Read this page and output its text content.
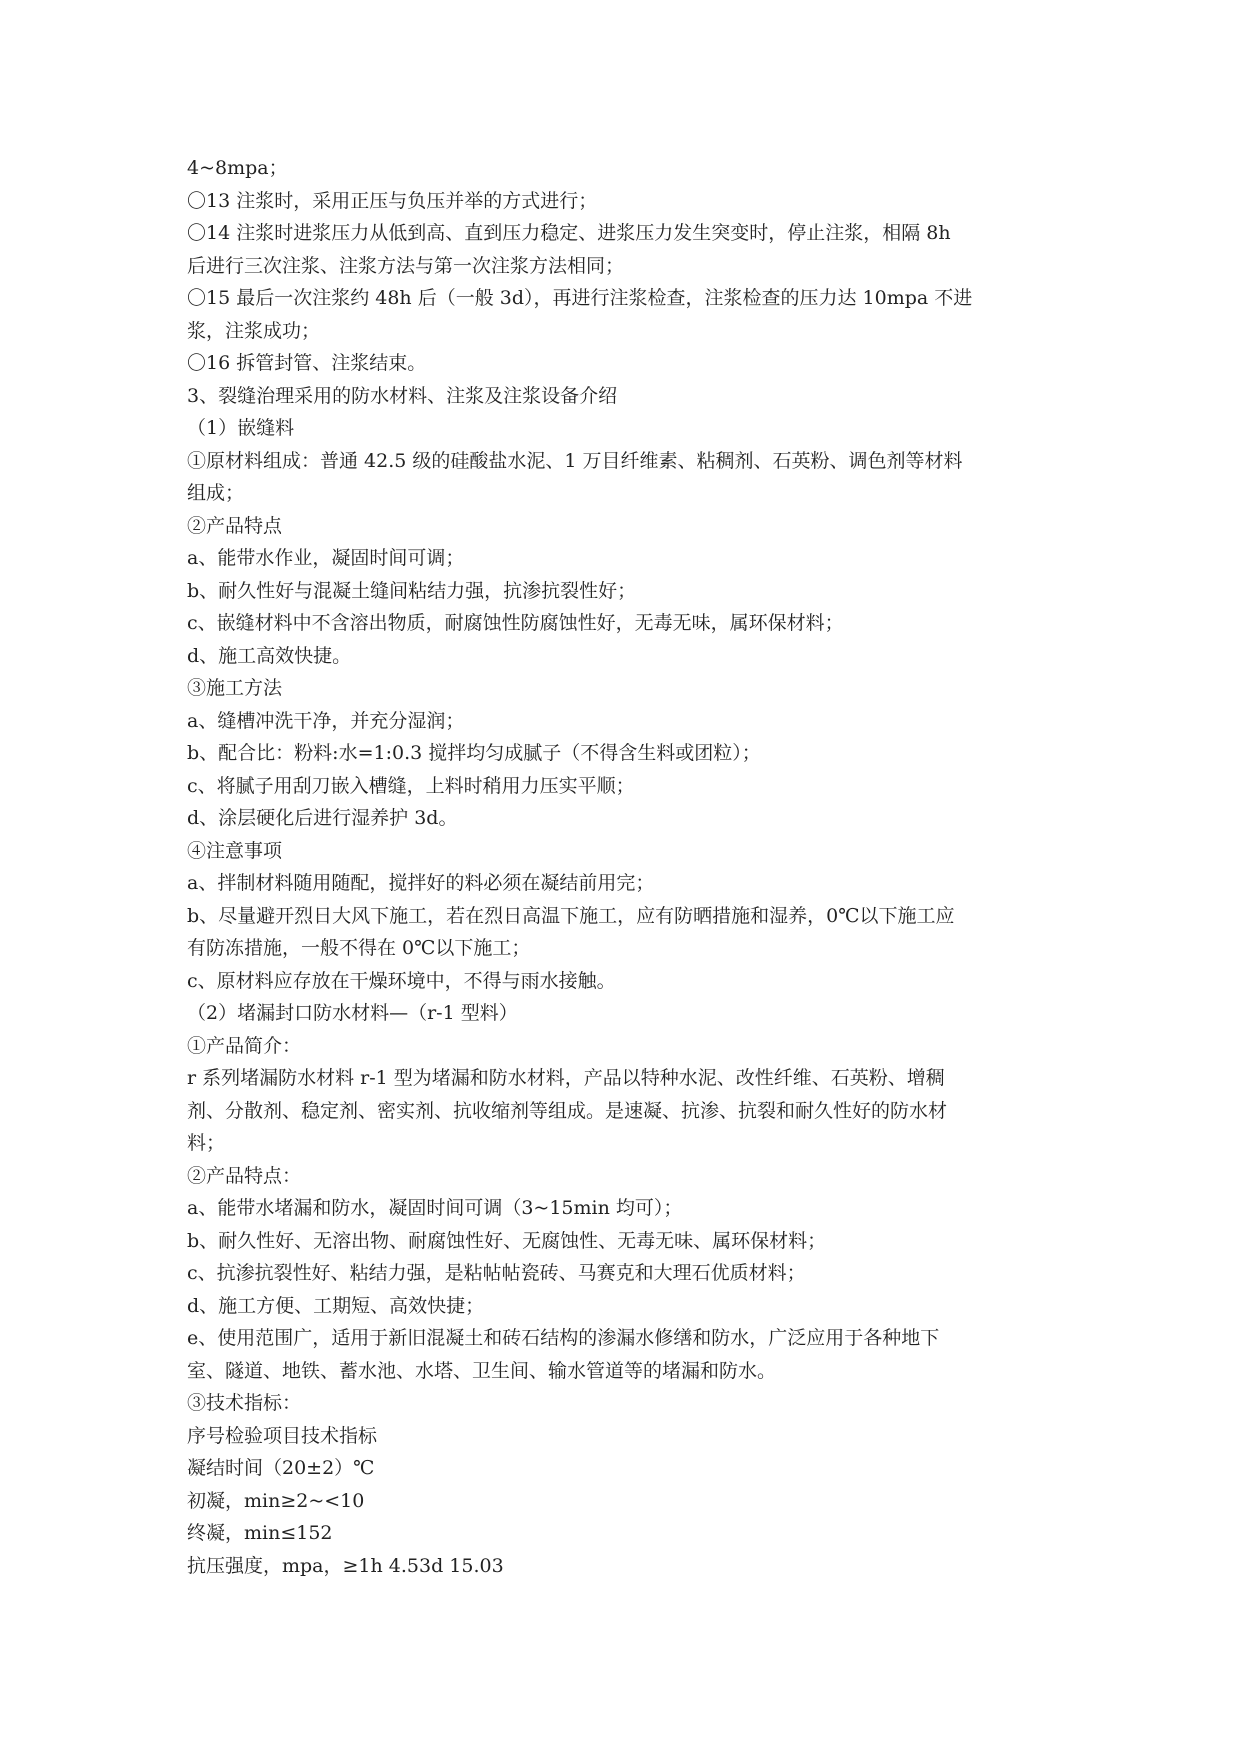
4~8mpa；
〇13 注浆时，采用正压与负压并举的方式进行；
〇14 注浆时进浆压力从低到高、直到压力稳定、进浆压力发生突变时，停止注浆，相隔 8h
后进行三次注浆、注浆方法与第一次注浆方法相同；
〇15 最后一次注浆约 48h 后（一般 3d），再进行注浆检查，注浆检查的压力达 10mpa 不进
浆，注浆成功；
〇16 拆管封管、注浆结束。
3、裂缝治理采用的防水材料、注浆及注浆设备介绍
（1）嵌缝料
①原材料组成：普通 42.5 级的硅酸盐水泥、1 万目纤维素、粘稠剂、石英粉、调色剂等材料
组成；
②产品特点
a、能带水作业，凝固时间可调；
b、耐久性好与混凝土缝间粘结力强，抗渗抗裂性好；
c、嵌缝材料中不含溶出物质，耐腐蚀性防腐蚀性好，无毒无味，属环保材料；
d、施工高效快捷。
③施工方法
a、缝槽冲洗干净，并充分湿润；
b、配合比：粉料:水=1:0.3 搅拌均匀成腻子（不得含生料或团粒）；
c、将腻子用刮刀嵌入槽缝，上料时稍用力压实平顺；
d、涂层硬化后进行湿养护 3d。
④注意事项
a、拌制材料随用随配，搅拌好的料必须在凝结前用完；
b、尽量避开烈日大风下施工，若在烈日高温下施工，应有防晒措施和湿养，0℃以下施工应
有防冻措施，一般不得在 0℃以下施工；
c、原材料应存放在干燥环境中，不得与雨水接触。
（2）堵漏封口防水材料—（r-1 型料）
①产品简介：
r 系列堵漏防水材料 r-1 型为堵漏和防水材料，产品以特种水泥、改性纤维、石英粉、增稠
剂、分散剂、稳定剂、密实剂、抗收缩剂等组成。是速凝、抗渗、抗裂和耐久性好的防水材
料；
②产品特点：
a、能带水堵漏和防水，凝固时间可调（3~15min 均可）；
b、耐久性好、无溶出物、耐腐蚀性好、无腐蚀性、无毒无味、属环保材料；
c、抗渗抗裂性好、粘结力强，是粘帖帖瓷砖、马赛克和大理石优质材料；
d、施工方便、工期短、高效快捷；
e、使用范围广，适用于新旧混凝土和砖石结构的渗漏水修缮和防水，广泛应用于各种地下
室、隧道、地铁、蓄水池、水塔、卫生间、输水管道等的堵漏和防水。
③技术指标：
序号检验项目技术指标
凝结时间（20±2）℃
初凝，min≥2~<10
终凝，min≤152
抗压强度，mpa，≥1h 4.53d 15.03
